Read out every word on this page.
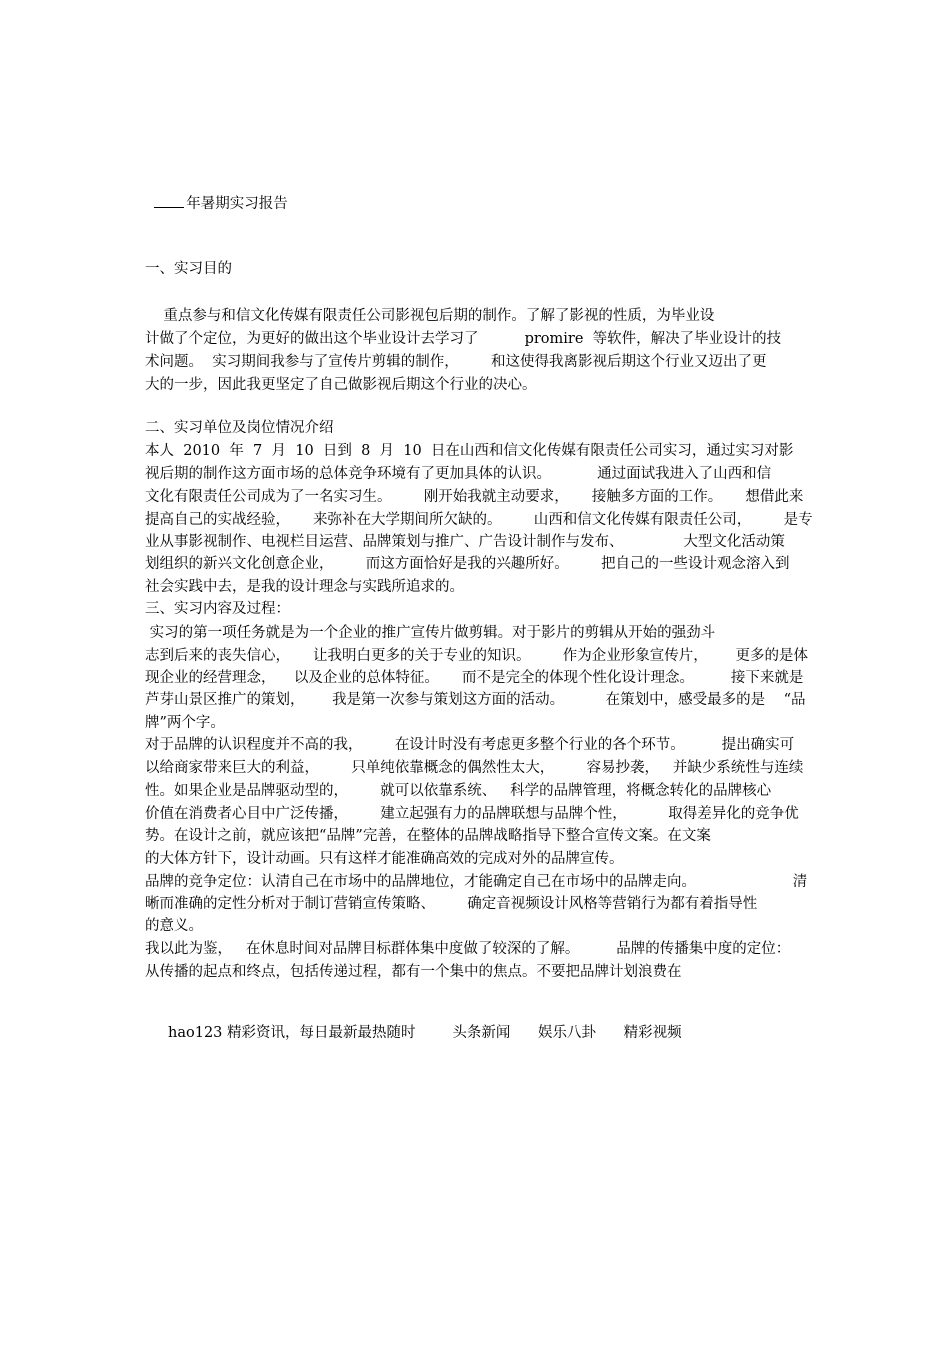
年暑期实习报告

一、实习目的
重点参与和信文化传媒有限责任公司影视包后期的制作。了解了影视的性质，为毕业设
计做了个定位，为更好的做出这个毕业设计去学习了          promire  等软件，解决了毕业设计的技
术问题。  实习期间我参与了宣传片剪辑的制作，       和这使得我离影视后期这个行业又迈出了更
大的一步，因此我更坚定了自己做影视后期这个行业的决心。
二、实习单位及岗位情况介绍
本人  2010  年  7  月  10  日到  8  月  10  日在山西和信文化传媒有限责任公司实习，通过实习对影
视后期的制作这方面市场的总体竞争环境有了更加具体的认识。          通过面试我进入了山西和信
文化有限责任公司成为了一名实习生。       刚开始我就主动要求，     接触多方面的工作。     想借此来
提高自己的实战经验，     来弥补在大学期间所欠缺的。       山西和信文化传媒有限责任公司，       是专
业从事影视制作、电视栏目运营、品牌策划与推广、广告设计制作与发布、             大型文化活动策
划组织的新兴文化创意企业，       而这方面恰好是我的兴趣所好。       把自己的一些设计观念溶入到
社会实践中去，是我的设计理念与实践所追求的。
三、实习内容及过程：
实习的第一项任务就是为一个企业的推广宣传片做剪辑。对于影片的剪辑从开始的强劲斗
志到后来的丧失信心，     让我明白更多的关于专业的知识。       作为企业形象宣传片，      更多的是体
现企业的经营理念，    以及企业的总体特征。     而不是完全的体现个性化设计理念。        接下来就是
芦芽山景区推广的策划，      我是第一次参与策划这方面的活动。         在策划中，感受最多的是    “品
牌”两个字。
对于品牌的认识程度并不高的我，       在设计时没有考虑更多整个行业的各个环节。        提出确实可
以给商家带来巨大的利益，       只单纯依靠概念的偶然性太大，       容易抄袭，   并缺少系统性与连续
性。如果企业是品牌驱动型的，       就可以依靠系统、   科学的品牌管理，将概念转化的品牌核心
价值在消费者心目中广泛传播，       建立起强有力的品牌联想与品牌个性，         取得差异化的竞争优
势。在设计之前，就应该把“品牌”完善，在整体的品牌战略指导下整合宣传文案。在文案
的大体方针下，设计动画。只有这样才能准确高效的完成对外的品牌宣传。
品牌的竞争定位：认清自己在市场中的品牌地位，才能确定自己在市场中的品牌走向。                     清
晰而准确的定性分析对于制订营销宣传策略、       确定音视频设计风格等营销行为都有着指导性
的意义。
我以此为鉴，   在休息时间对品牌目标群体集中度做了较深的了解。        品牌的传播集中度的定位：
从传播的起点和终点，包括传递过程，都有一个集中的焦点。不要把品牌计划浪费在
hao123 精彩资讯，每日最新最热随时        头条新闻      娱乐八卦      精彩视频
